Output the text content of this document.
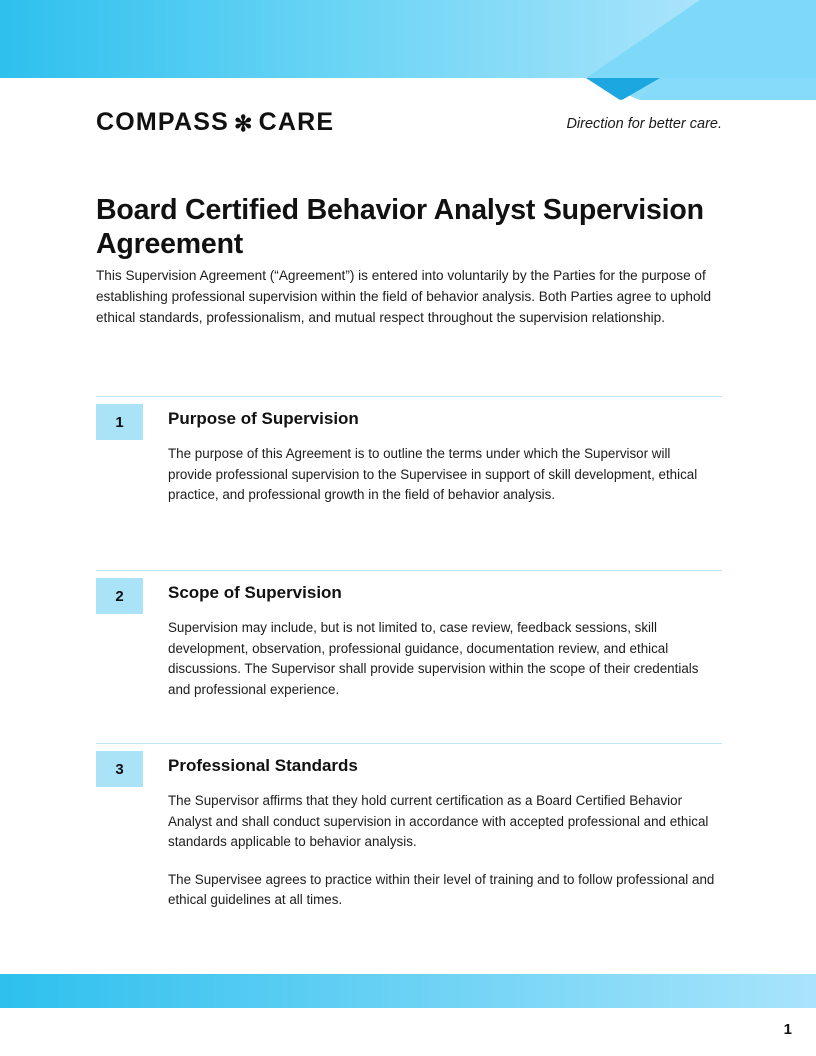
COMPASS ✻ CARE	Direction for better care.
Board Certified Behavior Analyst Supervision Agreement
This Supervision Agreement (“Agreement”) is entered into voluntarily by the Parties for the purpose of establishing professional supervision within the field of behavior analysis. Both Parties agree to uphold ethical standards, professionalism, and mutual respect throughout the supervision relationship.
1	Purpose of Supervision

The purpose of this Agreement is to outline the terms under which the Supervisor will provide professional supervision to the Supervisee in support of skill development, ethical practice, and professional growth in the field of behavior analysis.

2	Scope of Supervision

Supervision may include, but is not limited to, case review, feedback sessions, skill development, observation, professional guidance, documentation review, and ethical discussions. The Supervisor shall provide supervision within the scope of their credentials and professional experience.

3	Professional Standards

The Supervisor affirms that they hold current certification as a Board Certified Behavior Analyst and shall conduct supervision in accordance with accepted professional and ethical standards applicable to behavior analysis.

The Supervisee agrees to practice within their level of training and to follow professional and ethical guidelines at all times.

1
